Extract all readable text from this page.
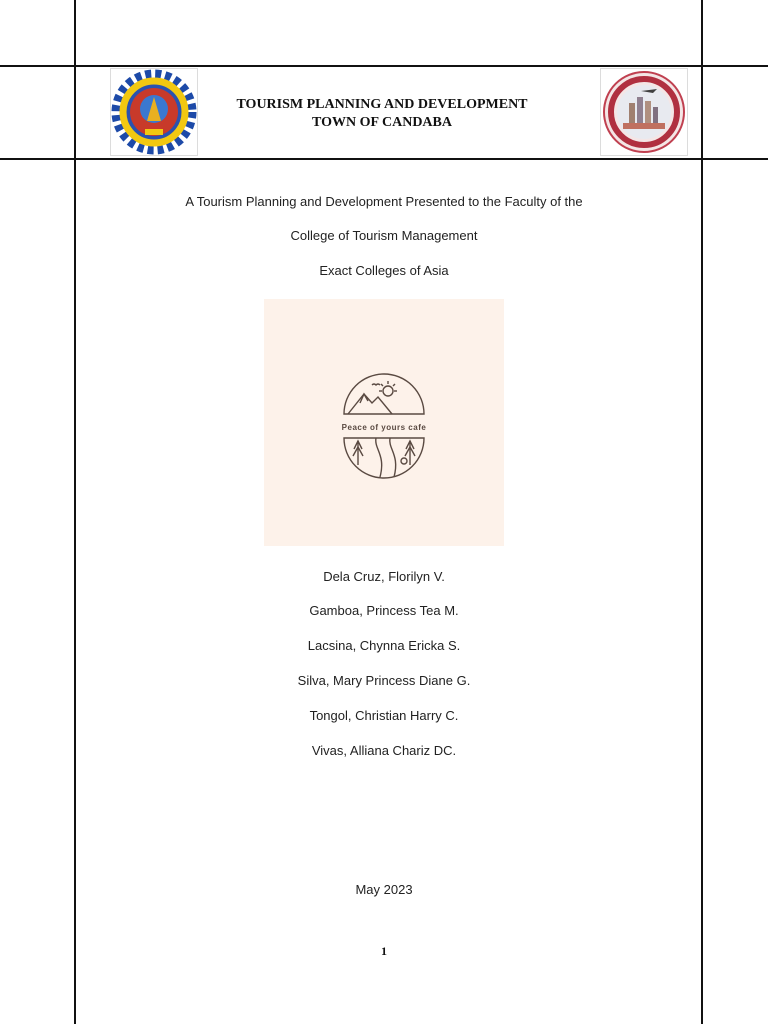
TOURISM PLANNING AND DEVELOPMENT
TOWN OF CANDABA
A Tourism Planning and Development Presented to the Faculty of the
College of Tourism Management
Exact Colleges of Asia
Peace of yours cafe
Dela Cruz, Florilyn V.
Gamboa, Princess Tea M.
Lacsina, Chynna Ericka S.
Silva, Mary Princess Diane G.
Tongol, Christian Harry C.
Vivas, Alliana Chariz DC.
May 2023
1
